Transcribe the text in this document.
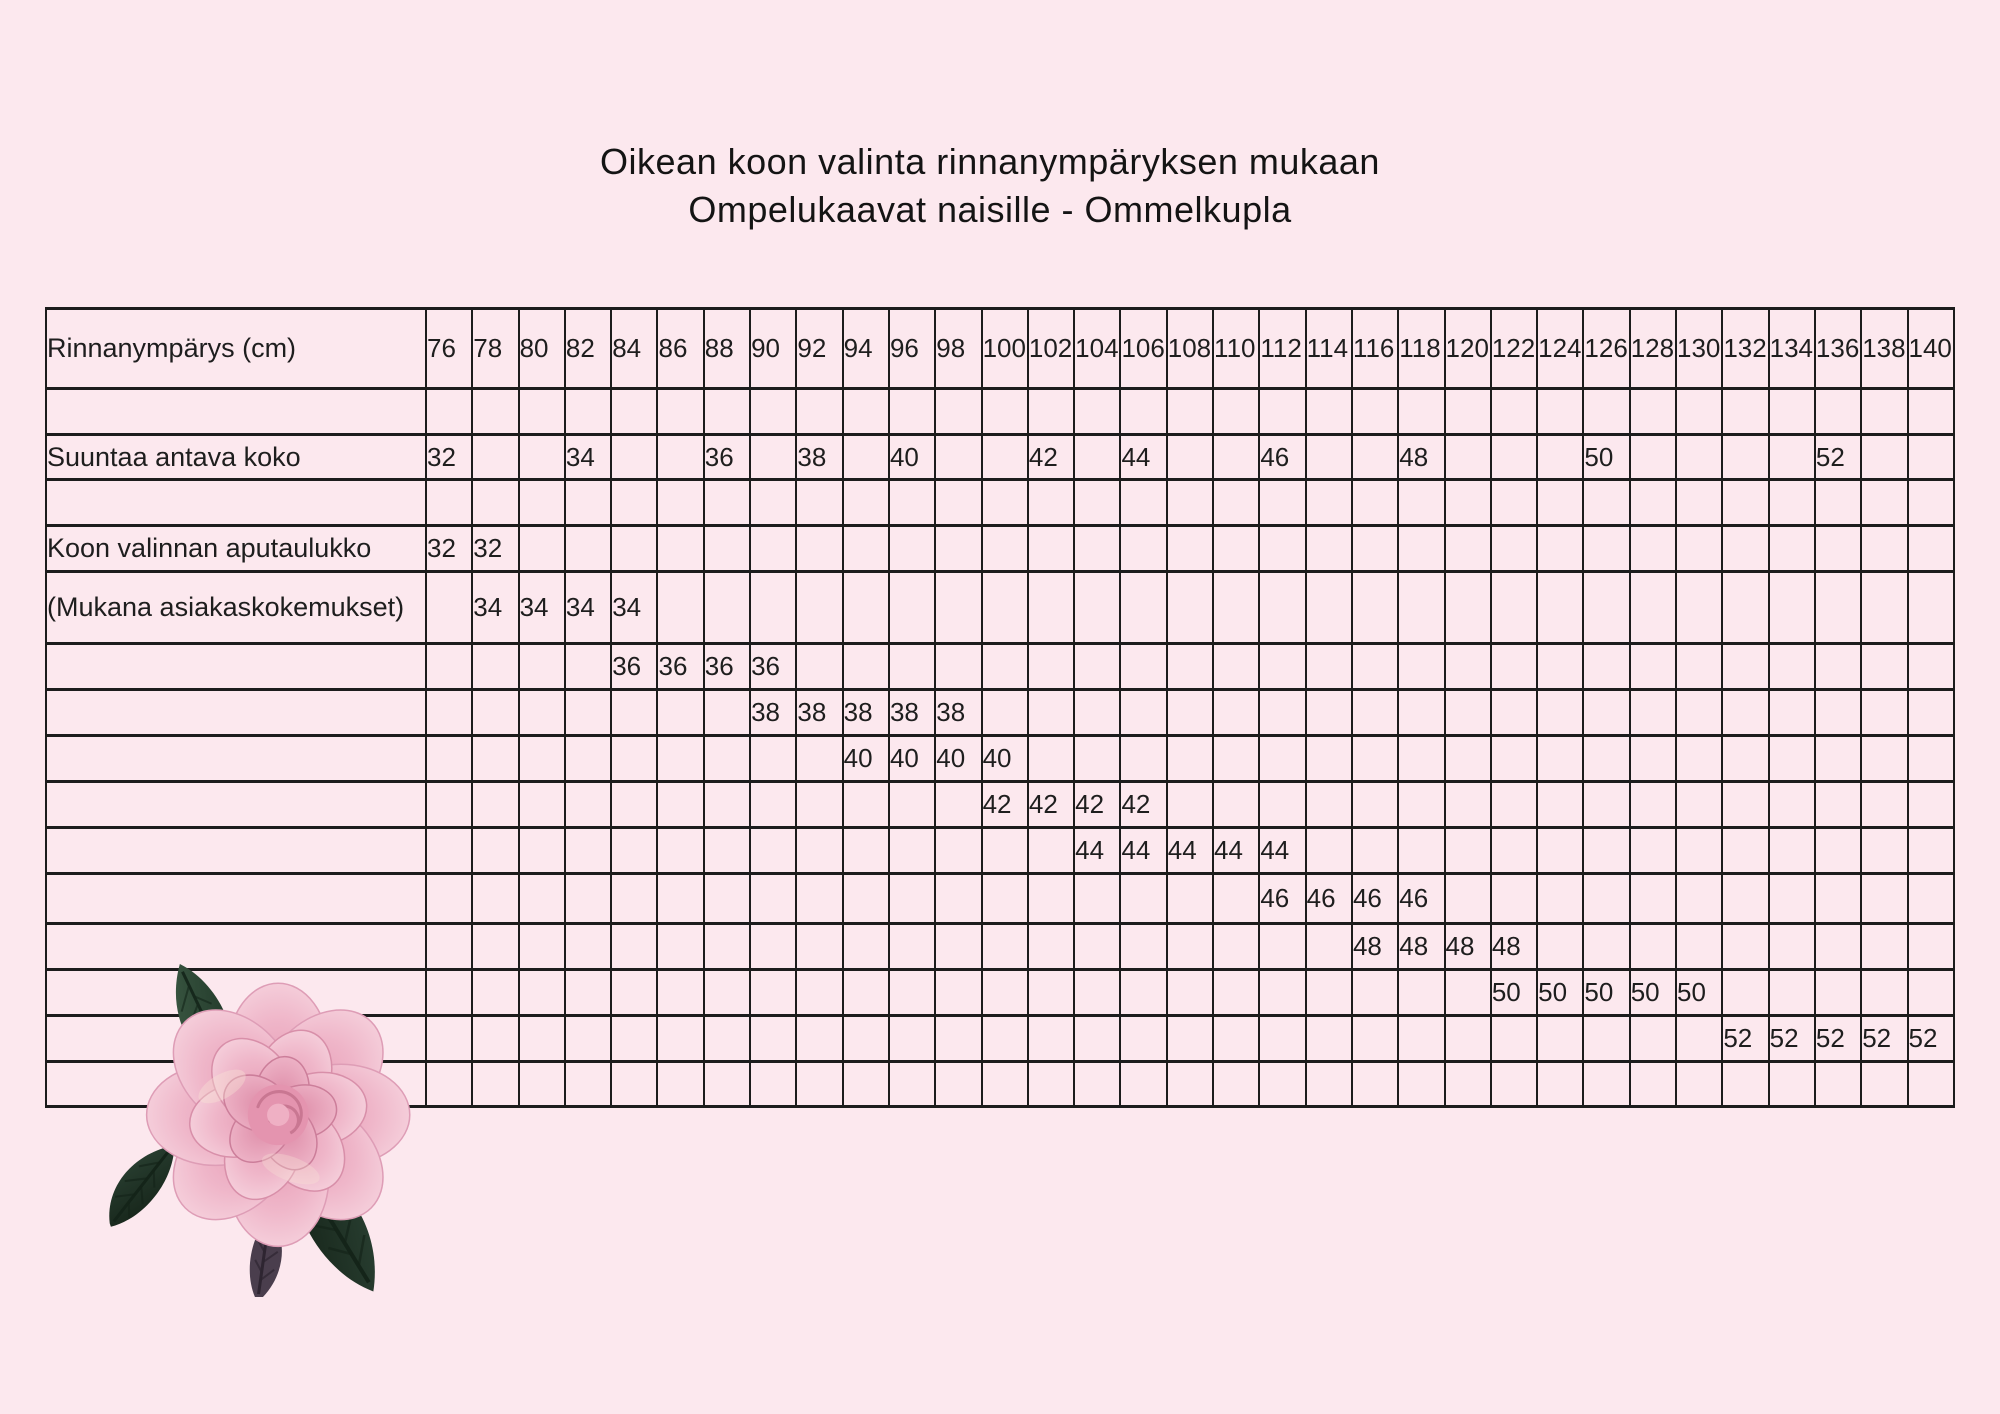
Oikean koon valinta rinnanympäryksen mukaan
Ompelukaavat naisille - Ommelkupla
Rinnanympärys (cm)	76	78	80	82	84	86	88	90	92	94	96	98	100	102	104	106	108	110	112	114	116	118	120	122	124	126	128	130	132	134	136	138	140

Suuntaa antava koko	32			34			36		38		40			42		44			46			48				50					52		

Koon valinnan aputaulukko	32	32																															
(Mukana asiakaskokemukset)		34	34	34	34																												
					36	36	36	36																									
								38	38	38	38	38																					
										40	40	40	40																				
													42	42	42	42																	
															44	44	44	44	44														
																			46	46	46	46											
																					48	48	48	48									
																								50	50	50	50	50					
																													52	52	52	52	52
